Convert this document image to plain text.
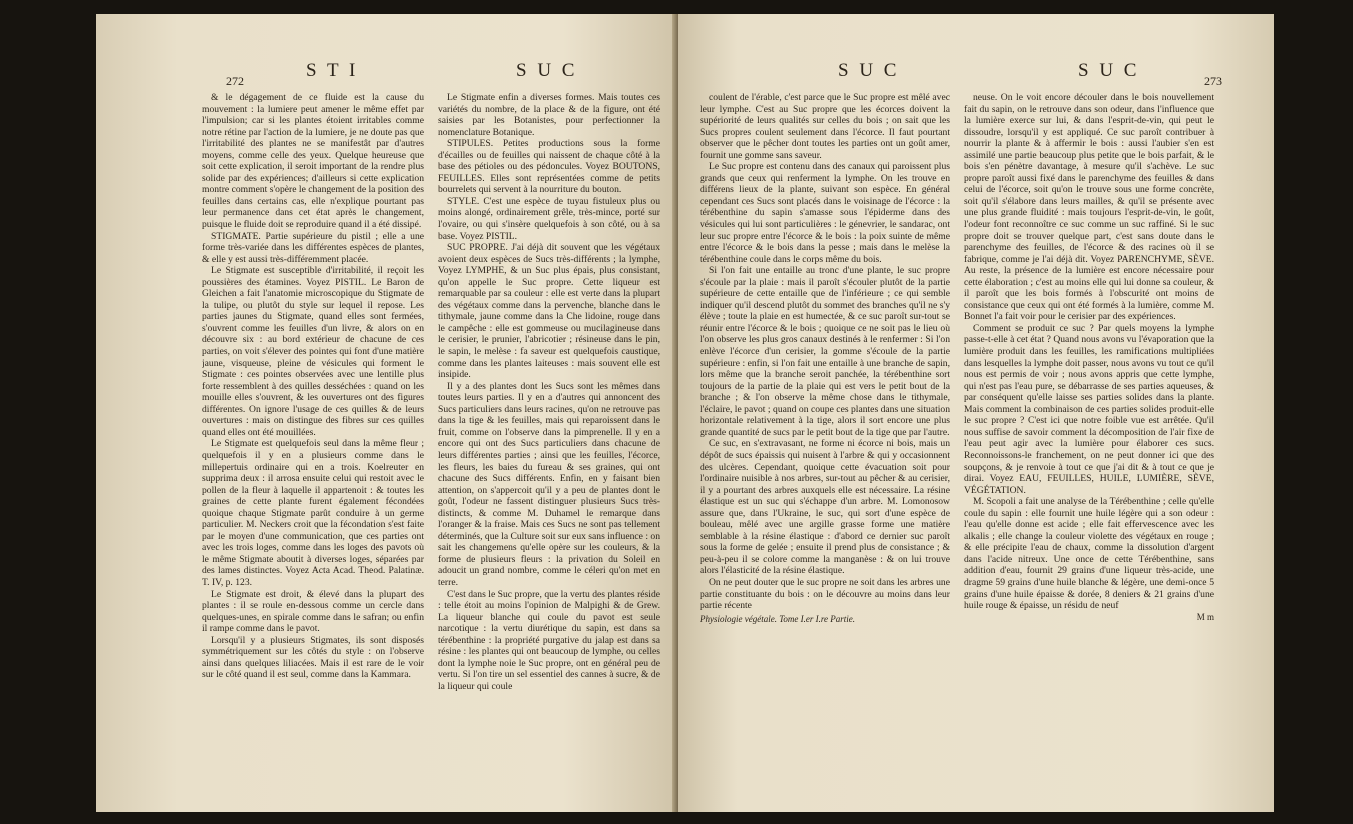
272	S T I	S U C

& le dégagement de ce fluide est la cause du mouvement : la lumiere peut amener le même effet par l'impulsion; car si les plantes étoient irritables comme notre rétine par l'action de la lumiere, je ne doute pas que l'irritabilité des plantes ne se manifestât par d'autres moyens, comme celle des yeux. Quelque heureuse que soit cette explication, il seroit important de la rendre plus solide par des expériences; d'ailleurs si cette explication montre comment s'opère le changement de la position des feuilles dans certains cas, elle n'explique pourtant pas leur permanence dans cet état après le changement, puisque le fluide doit se reproduire quand il a été dissipé.

STIGMATE. Partie supérieure du pistil ; elle a une forme très-variée dans les différentes espèces de plantes, & elle y est aussi très-différemment placée.

Le Stigmate est susceptible d'irritabilité, il reçoit les poussières des étamines. Voyez PISTIL. Le Baron de Gleichen a fait l'anatomie microscopique du Stigmate de la tulipe, ou plutôt du style sur lequel il repose. Les parties jaunes du Stigmate, quand elles sont fermées, s'ouvrent comme les feuilles d'un livre, & alors on en découvre six : au bord extérieur de chacune de ces parties, on voit s'élever des pointes qui font d'une matière jaune, visqueuse, pleine de vésicules qui forment le Stigmate : ces pointes observées avec une lentille plus forte ressemblent à des quilles desséchées : quand on les mouille elles s'ouvrent, & les ouvertures ont des figures différentes. On ignore l'usage de ces quilles & de leurs ouvertures : mais on distingue des fibres sur ces quilles quand elles ont été mouillées.

Le Stigmate est quelquefois seul dans la même fleur ; quelquefois il y en a plusieurs comme dans le millepertuis ordinaire qui en a trois. Koelreuter en supprima deux : il arrosa ensuite celui qui restoit avec le pollen de la fleur à laquelle il appartenoit : & toutes les graines de cette plante furent également fécondées quoique chaque Stigmate parût conduire à un germe particulier. M. Neckers croit que la fécondation s'est faite par le moyen d'une communication, que ces parties ont avec les trois loges, comme dans les loges des pavots où le même Stigmate aboutit à diverses loges, séparées par des lames distinctes. Voyez Acta Acad. Theod. Palatinæ. T. IV, p. 123.

Le Stigmate est droit, & élevé dans la plupart des plantes : il se roule en-dessous comme un cercle dans quelques-unes, en spirale comme dans le safran; ou enfin il rampe comme dans le pavot.

Lorsqu'il y a plusieurs Stigmates, ils sont disposés symmétriquement sur les côtés du style : on l'observe ainsi dans quelques liliacées. Mais il est rare de le voir sur le côté quand il est seul, comme dans la Kammara.

Le Stigmate enfin a diverses formes. Mais toutes ces variétés du nombre, de la place & de la figure, ont été saisies par les Botanistes, pour perfectionner la nomenclature Botanique.

STIPULES. Petites productions sous la forme d'écailles ou de feuilles qui naissent de chaque côté à la base des pétioles ou des pédoncules. Voyez BOUTONS, FEUILLES. Elles sont représentées comme de petits bourrelets qui servent à la nourriture du bouton.

STYLE. C'est une espèce de tuyau fistuleux plus ou moins alongé, ordinairement grêle, très-mince, porté sur l'ovaire, ou qui s'insère quelquefois à son côté, ou à sa base. Voyez PISTIL.

SUC PROPRE. J'ai déjà dit souvent que les végétaux avoient deux espèces de Sucs très-différents ; la lymphe, Voyez LYMPHE, & un Suc plus épais, plus consistant, qu'on appelle le Suc propre. Cette liqueur est remarquable par sa couleur : elle est verte dans la plupart des végétaux comme dans la pervenche, blanche dans le tithymale, jaune comme dans la Che lidoine, rouge dans le campêche : elle est gommeuse ou mucilagineuse dans le cerisier, le prunier, l'abricotier ; résineuse dans le pin, le sapin, le melèse : fa saveur est quelquefois caustique, comme dans les plantes laiteuses : mais souvent elle est insipide.

Il y a des plantes dont les Sucs sont les mêmes dans toutes leurs parties. Il y en a d'autres qui annoncent des Sucs particuliers dans leurs racines, qu'on ne retrouve pas dans la tige & les feuilles, mais qui reparoissent dans le fruit, comme on l'observe dans la pimprenelle. Il y en a encore qui ont des Sucs particuliers dans chacune de leurs différentes parties ; ainsi que les feuilles, l'écorce, les fleurs, les baies du fureau & ses graines, qui ont chacune des Sucs différents. Enfin, en y faisant bien attention, on s'appercoit qu'il y a peu de plantes dont le goût, l'odeur ne fassent distinguer plusieurs Sucs très-distincts, & comme M. Duhamel le remarque dans l'oranger & la fraise. Mais ces Sucs ne sont pas tellement déterminés, que la Culture soit sur eux sans influence : on sait les changemens qu'elle opère sur les couleurs, & la forme de plusieurs fleurs : la privation du Soleil en adoucit un grand nombre, comme le céleri qu'on met en terre.

C'est dans le Suc propre, que la vertu des plantes réside : telle étoit au moins l'opinion de Malpighi & de Grew. La liqueur blanche qui coule du pavot est seule narcotique : la vertu diurétique du sapin, est dans sa térébenthine : la propriété purgative du jalap est dans sa résine : les plantes qui ont beaucoup de lymphe, ou celles dont la lymphe noie le Suc propre, ont en général peu de vertu. Si l'on tire un sel essentiel des cannes à sucre, & de la liqueur qui coule

S U C	S U C	273

coulent de l'érable, c'est parce que le Suc propre est mêlé avec leur lymphe. C'est au Suc propre que les écorces doivent la supériorité de leurs qualités sur celles du bois ; on sait que les Sucs propres coulent seulement dans l'écorce. Il faut pourtant observer que le pêcher dont toutes les parties ont un goût amer, fournit une gomme sans saveur.

Le Suc propre est contenu dans des canaux qui paroissent plus grands que ceux qui renferment la lymphe. On les trouve en différens lieux de la plante, suivant son espèce. En général cependant ces Sucs sont placés dans le voisinage de l'écorce : la térébenthine du sapin s'amasse sous l'épiderme dans des vésicules qui lui sont particulières : le génevrier, le sandarac, ont leur suc propre entre l'écorce & le bois : la poix suinte de même entre l'écorce & le bois dans la pesse ; mais dans le melèse la térébenthine coule dans le corps même du bois.

Si l'on fait une entaille au tronc d'une plante, le suc propre s'écoule par la plaie : mais il paroît s'écouler plutôt de la partie supérieure de cette entaille que de l'inférieure ; ce qui semble indiquer qu'il descend plutôt du sommet des branches qu'il ne s'y élève ; toute la plaie en est humectée, & ce suc paroît sur-tout se réunir entre l'écorce & le bois ; quoique ce ne soit pas le lieu où l'on observe les plus gros canaux destinés à le renfermer : Si l'on enlève l'écorce d'un cerisier, la gomme s'écoule de la partie supérieure : enfin, si l'on fait une entaille à une branche de sapin, lors même que la branche seroit panchée, la térébenthine sort toujours de la partie de la plaie qui est vers le petit bout de la branche ; & l'on observe la même chose dans le tithymale, l'éclaire, le pavot ; quand on coupe ces plantes dans une situation horizontale relativement à la tige, alors il sort encore une plus grande quantité de sucs par le petit bout de la tige que par l'autre.

Ce suc, en s'extravasant, ne forme ni écorce ni bois, mais un dépôt de sucs épaissis qui nuisent à l'arbre & qui y occasionnent des ulcères. Cependant, quoique cette évacuation soit pour l'ordinaire nuisible à nos arbres, sur-tout au pêcher & au cerisier, il y a pourtant des arbres auxquels elle est nécessaire. La résine élastique est un suc qui s'échappe d'un arbre. M. Lomonosow assure que, dans l'Ukraine, le suc, qui sort d'une espèce de bouleau, mêlé avec une argille grasse forme une matière semblable à la résine élastique : d'abord ce dernier suc paroît sous la forme de gelée ; ensuite il prend plus de consistance ; & peu-à-peu il se colore comme la manganèse : & on lui trouve alors l'élasticité de la résine élastique.

On ne peut douter que le suc propre ne soit dans les arbres une partie constituante du bois : on le découvre au moins dans leur partie récente

Physiologie végétale. Tome I.er I.re Partie.

neuse. On le voit encore découler dans le bois nouvellement fait du sapin, on le retrouve dans son odeur, dans l'influence que la lumière exerce sur lui, & dans l'esprit-de-vin, qui peut le dissoudre, lorsqu'il y est appliqué. Ce suc paroît contribuer à nourrir la plante & à affermir le bois : aussi l'aubier s'en est assimilé une partie beaucoup plus petite que le bois parfait, & le bois s'en pénètre davantage, à mesure qu'il s'achève. Le suc propre paroît aussi fixé dans le parenchyme des feuilles & dans celui de l'écorce, soit qu'on le trouve sous une forme concrète, soit qu'il s'élabore dans leurs mailles, & qu'il se présente avec une plus grande fluidité : mais toujours l'esprit-de-vin, le goût, l'odeur font reconnoître ce suc comme un suc raffiné. Si le suc propre doit se trouver quelque part, c'est sans doute dans le parenchyme des feuilles, de l'écorce & des racines où il se fabrique, comme je l'ai déjà dit. Voyez PARENCHYME, SÈVE. Au reste, la présence de la lumière est encore nécessaire pour cette élaboration ; c'est au moins elle qui lui donne sa couleur, & il paroît que les bois formés à l'obscurité ont moins de consistance que ceux qui ont été formés à la lumière, comme M. Bonnet l'a fait voir pour le cerisier par des expériences.

Comment se produit ce suc ? Par quels moyens la lymphe passe-t-elle à cet état ? Quand nous avons vu l'évaporation que la lumière produit dans les feuilles, les ramifications multipliées dans lesquelles la lymphe doit passer, nous avons vu tout ce qu'il nous est permis de voir ; nous avons appris que cette lymphe, qui n'est pas l'eau pure, se débarrasse de ses parties aqueuses, & par conséquent qu'elle laisse ses parties solides dans la plante. Mais comment la combinaison de ces parties solides produit-elle le suc propre ? C'est ici que notre foible vue est arrêtée. Qu'il nous suffise de savoir comment la décomposition de l'air fixe de l'eau peut agir avec la lumière pour élaborer ces sucs. Reconnoissons-le franchement, on ne peut donner ici que des soupçons, & je renvoie à tout ce que j'ai dit & à tout ce que je dirai. Voyez EAU, FEUILLES, HUILE, LUMIÈRE, SÈVE, VÉGÉTATION.

M. Scopoli a fait une analyse de la Térébenthine ; celle qu'elle coule du sapin : elle fournit une huile légère qui a son odeur : l'eau qu'elle donne est acide ; elle fait effervescence avec les alkalis ; elle change la couleur violette des végétaux en rouge ; & elle précipite l'eau de chaux, comme la dissolution d'argent dans l'acide nitreux. Une once de cette Térébenthine, sans addition d'eau, fournit 29 grains d'une liqueur très-acide, une dragme 59 grains d'une huile blanche & légère, une demi-once 5 grains d'une huile épaisse & dorée, 8 deniers & 21 grains d'une huile rouge & épaisse, un résidu de neuf

M m
